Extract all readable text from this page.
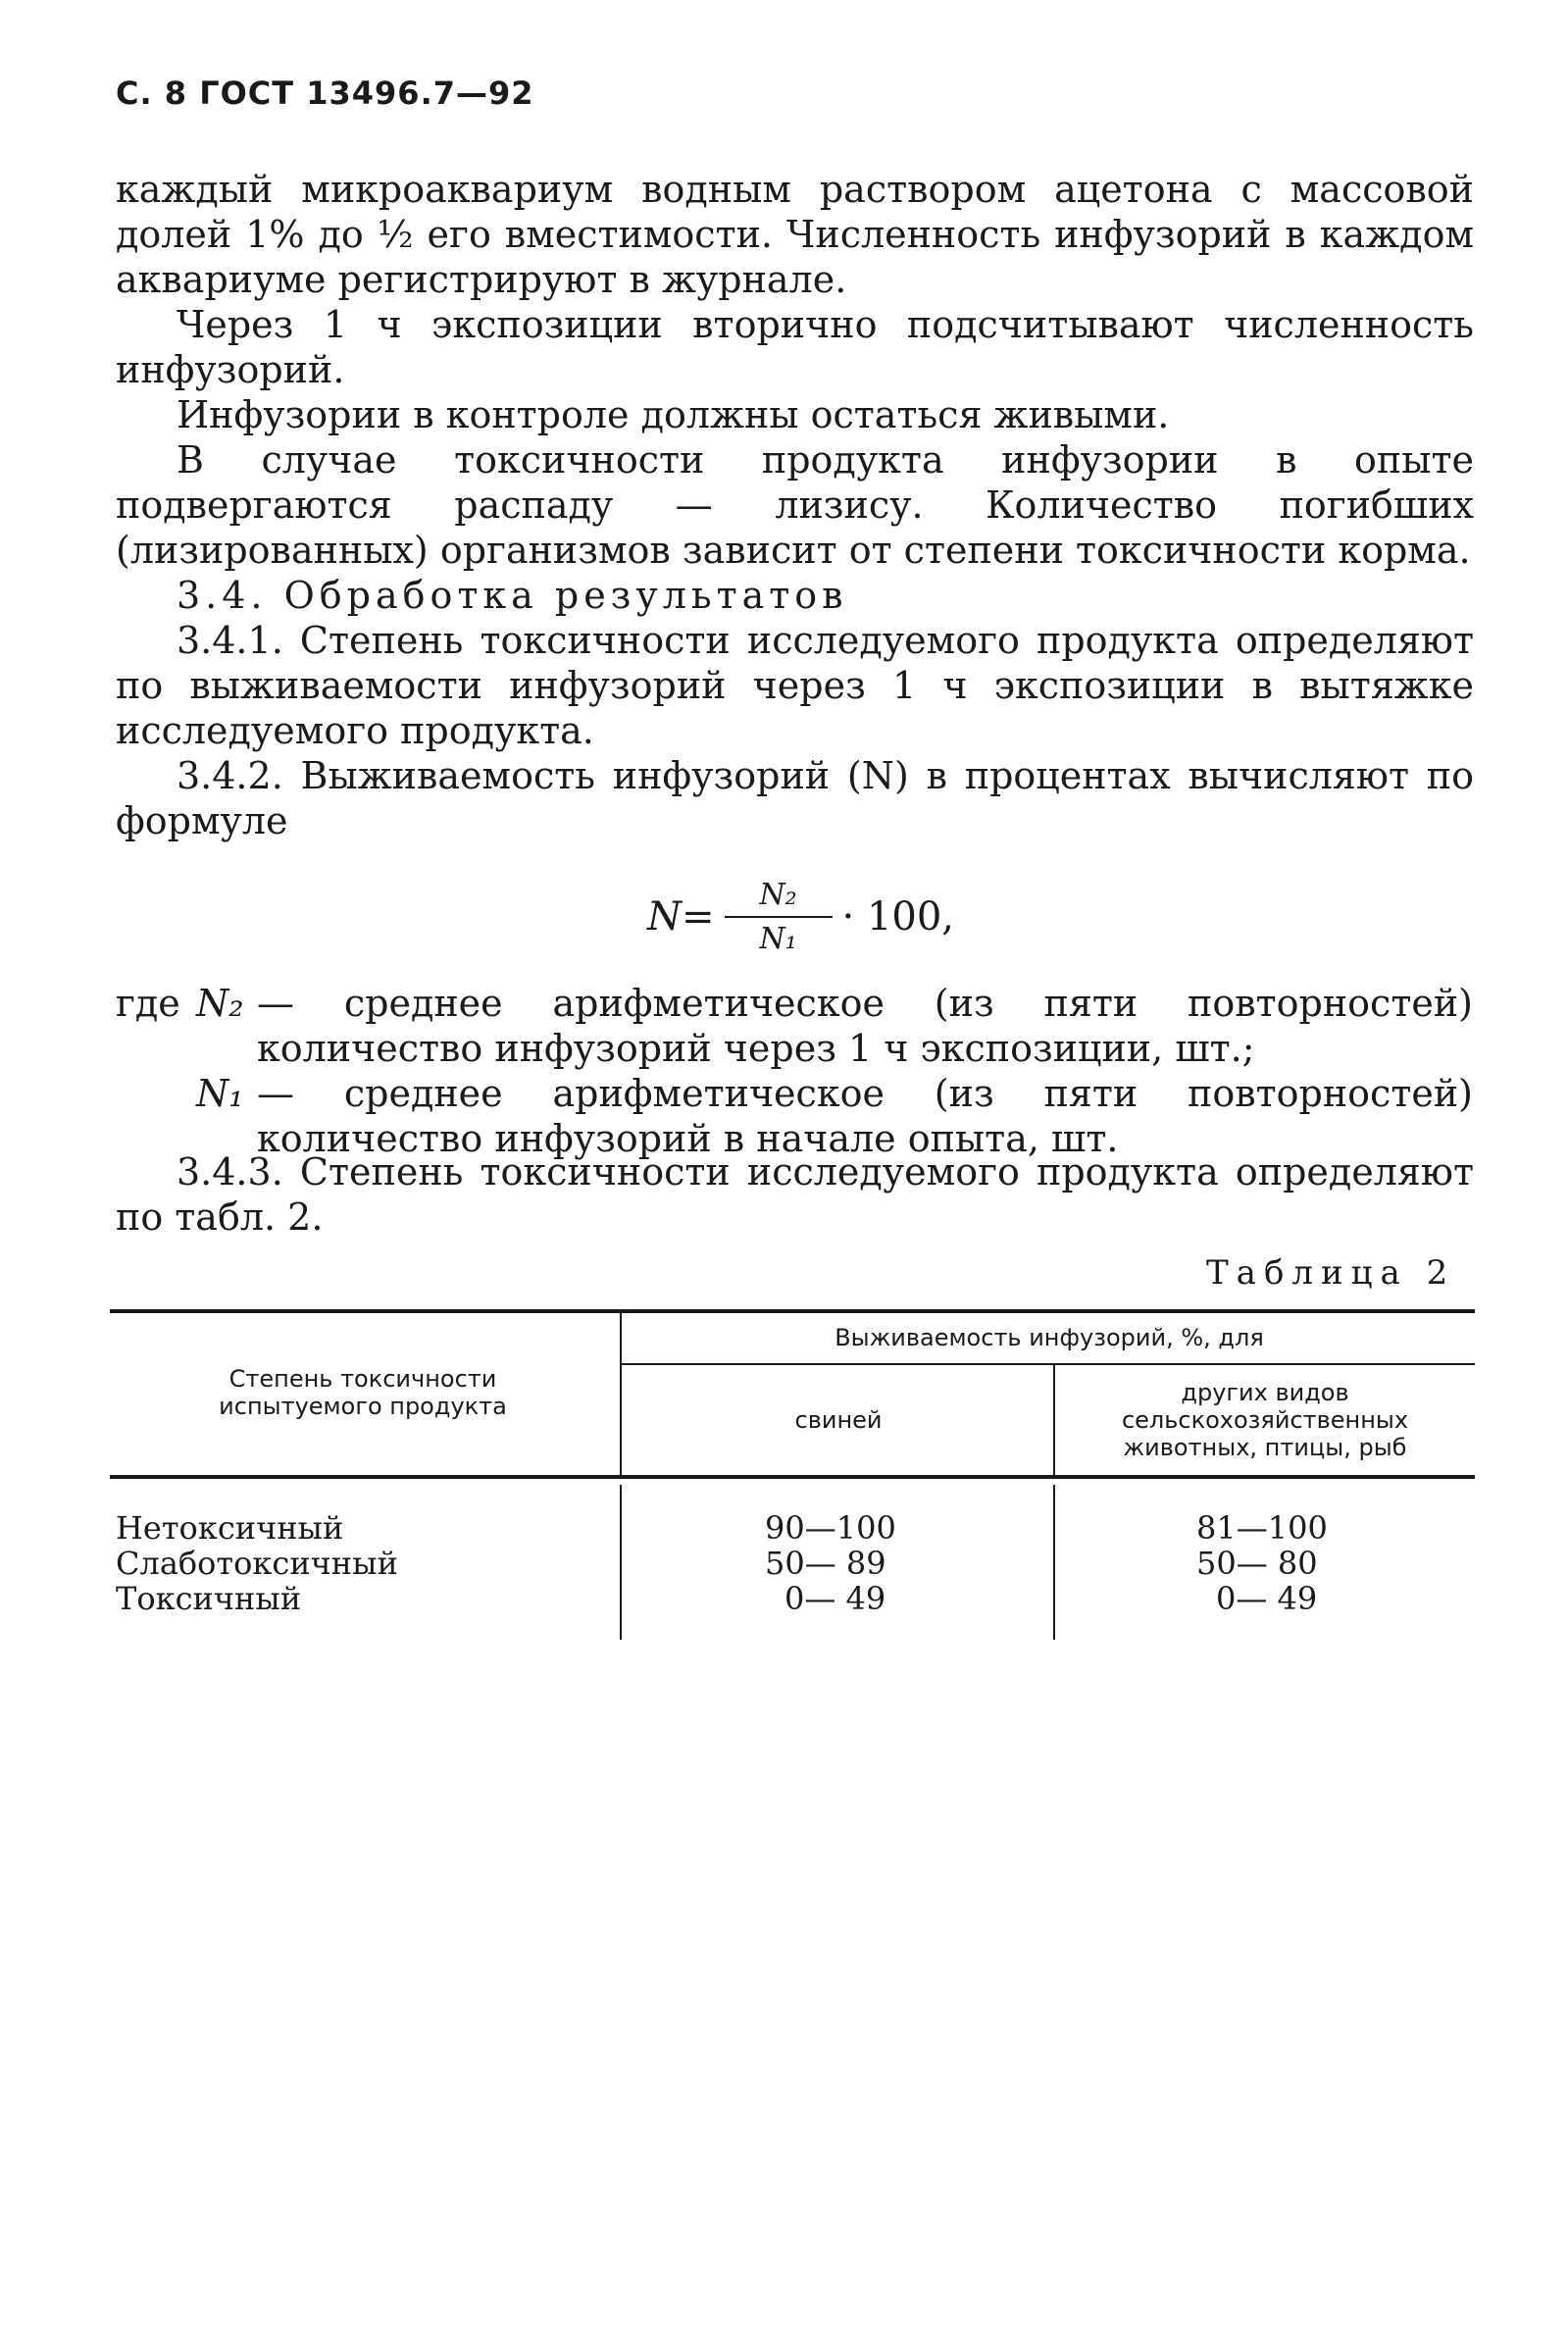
С. 8 ГОСТ 13496.7—92

каждый микроаквариум водным раствором ацетона с массовой долей 1% до ½ его вместимости. Численность инфузорий в каждом аквариуме регистрируют в журнале.

Через 1 ч экспозиции вторично подсчитывают численность инфузорий.

Инфузории в контроле должны остаться живыми.

В случае токсичности продукта инфузории в опыте подвергаются распаду — лизису. Количество погибших (лизированных) организмов зависит от степени токсичности корма.

3.4. Обработка результатов

3.4.1. Степень токсичности исследуемого продукта определяют по выживаемости инфузорий через 1 ч экспозиции в вытяжке исследуемого продукта.

3.4.2. Выживаемость инфузорий (N) в процентах вычисляют по формуле

$N= \frac{\text{N₂}}{\text{N₁}} \cdot 100$,
где N₂ — среднее арифметическое (из пяти повторностей) количество инфузорий через 1 ч экспозиции, шт.;
N₁ — среднее арифметическое (из пяти повторностей) количество инфузорий в начале опыта, шт.

3.4.3. Степень токсичности исследуемого продукта определяют по табл. 2.

Таблица 2
Степень токсичности испытуемого продукта
Выживаемость инфузорий, %, для
свиней
других видов сельскохозяйственных животных, птицы, рыб
Нетоксичный	90—100	81—100
Слаботоксичный	50— 89	50— 80
Токсичный	0— 49	0— 49
